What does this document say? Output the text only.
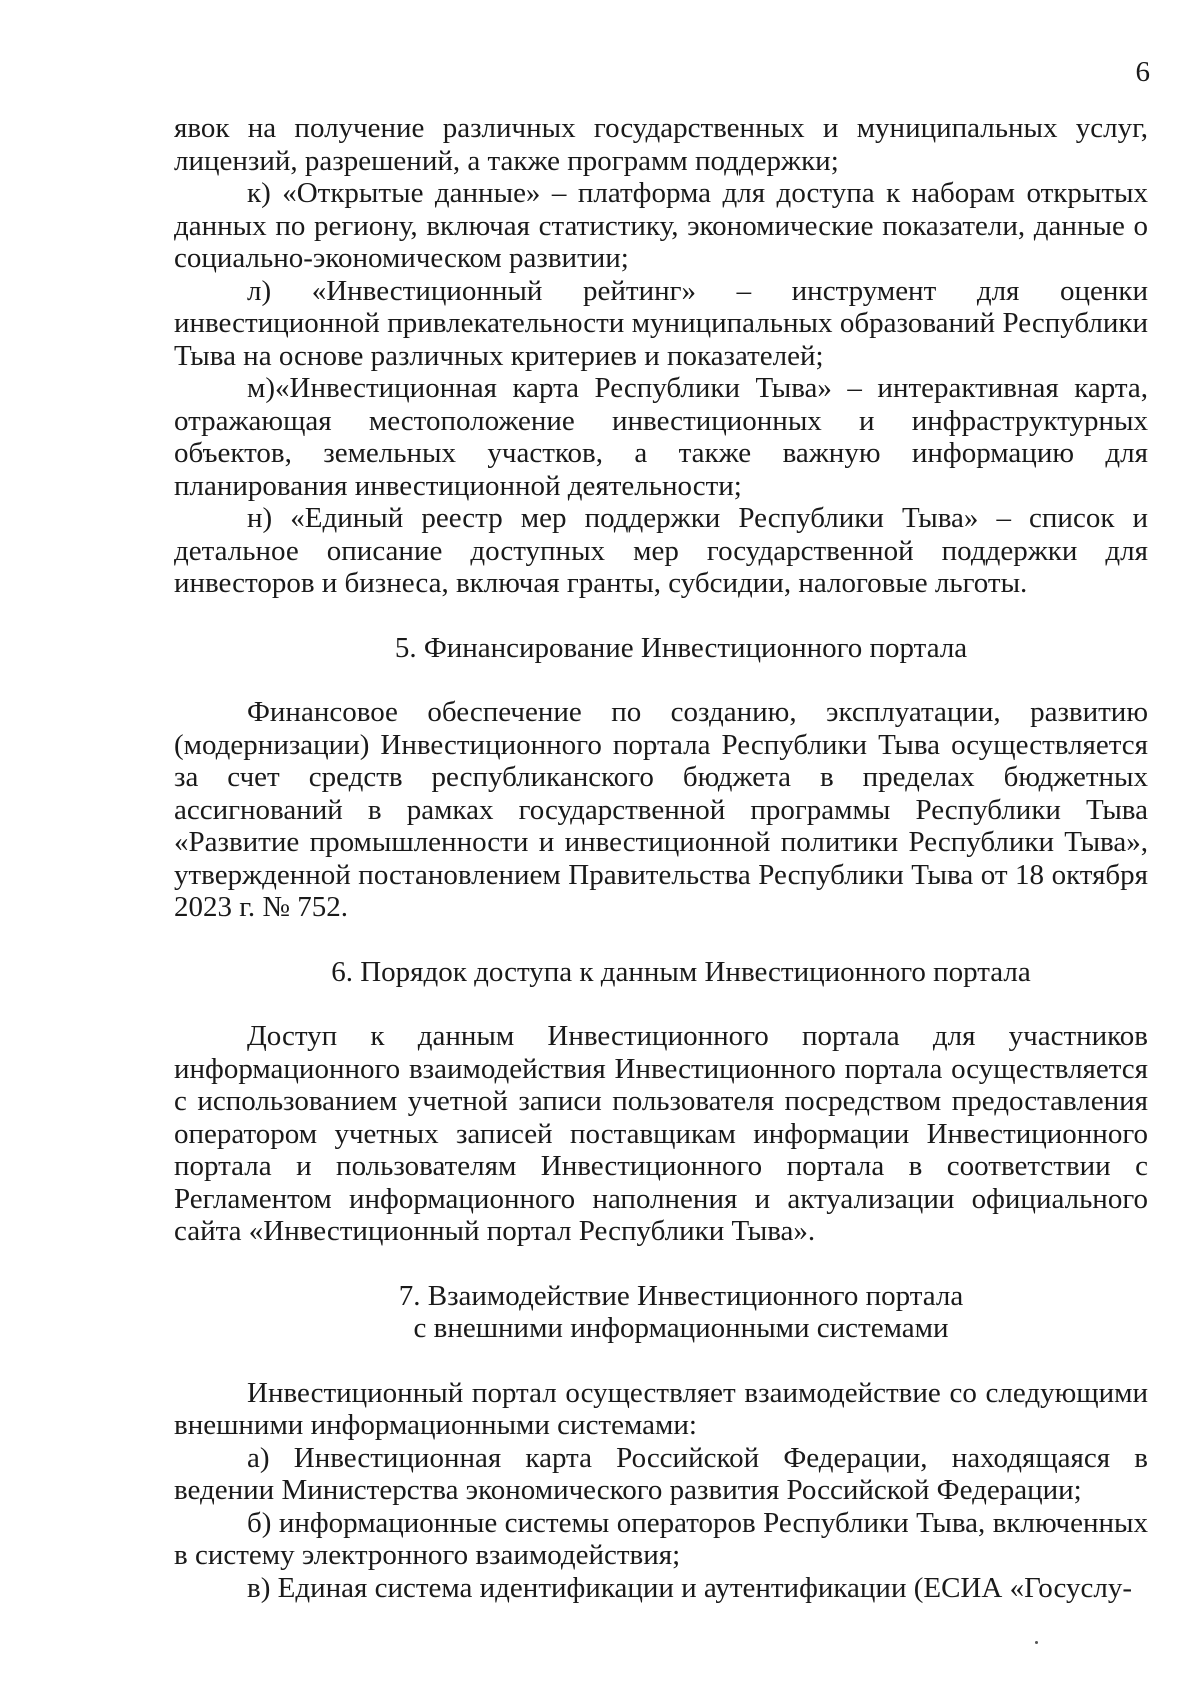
6

явок на получение различных государственных и муниципальных услуг, лицензий, разрешений, а также программ поддержки;

к) «Открытые данные» – платформа для доступа к наборам открытых данных по региону, включая статистику, экономические показатели, данные о социально-экономическом развитии;

л) «Инвестиционный рейтинг» – инструмент для оценки инвестиционной привлекательности муниципальных образований Республики Тыва на основе различных критериев и показателей;

м)«Инвестиционная карта Республики Тыва» – интерактивная карта, отражающая местоположение инвестиционных и инфраструктурных объектов, земельных участков, а также важную информацию для планирования инвестиционной деятельности;

н) «Единый реестр мер поддержки Республики Тыва» – список и детальное описание доступных мер государственной поддержки для инвесторов и бизнеса, включая гранты, субсидии, налоговые льготы.

5. Финансирование Инвестиционного портала

Финансовое обеспечение по созданию, эксплуатации, развитию (модернизации) Инвестиционного портала Республики Тыва осуществляется за счет средств республиканского бюджета в пределах бюджетных ассигнований в рамках государственной программы Республики Тыва «Развитие промышленности и инвестиционной политики Республики Тыва», утвержденной постановлением Правительства Республики Тыва от 18 октября 2023 г. № 752.

6. Порядок доступа к данным Инвестиционного портала

Доступ к данным Инвестиционного портала для участников информационного взаимодействия Инвестиционного портала осуществляется с использованием учетной записи пользователя посредством предоставления оператором учетных записей поставщикам информации Инвестиционного портала и пользователям Инвестиционного портала в соответствии с Регламентом информационного наполнения и актуализации официального сайта «Инвестиционный портал Республики Тыва».

7. Взаимодействие Инвестиционного портала

с внешними информационными системами

Инвестиционный портал осуществляет взаимодействие со следующими внешними информационными системами:

а) Инвестиционная карта Российской Федерации, находящаяся в ведении Министерства экономического развития Российской Федерации;

б) информационные системы операторов Республики Тыва, включенных в систему электронного взаимодействия;

в) Единая система идентификации и аутентификации (ЕСИА «Госуслу-
